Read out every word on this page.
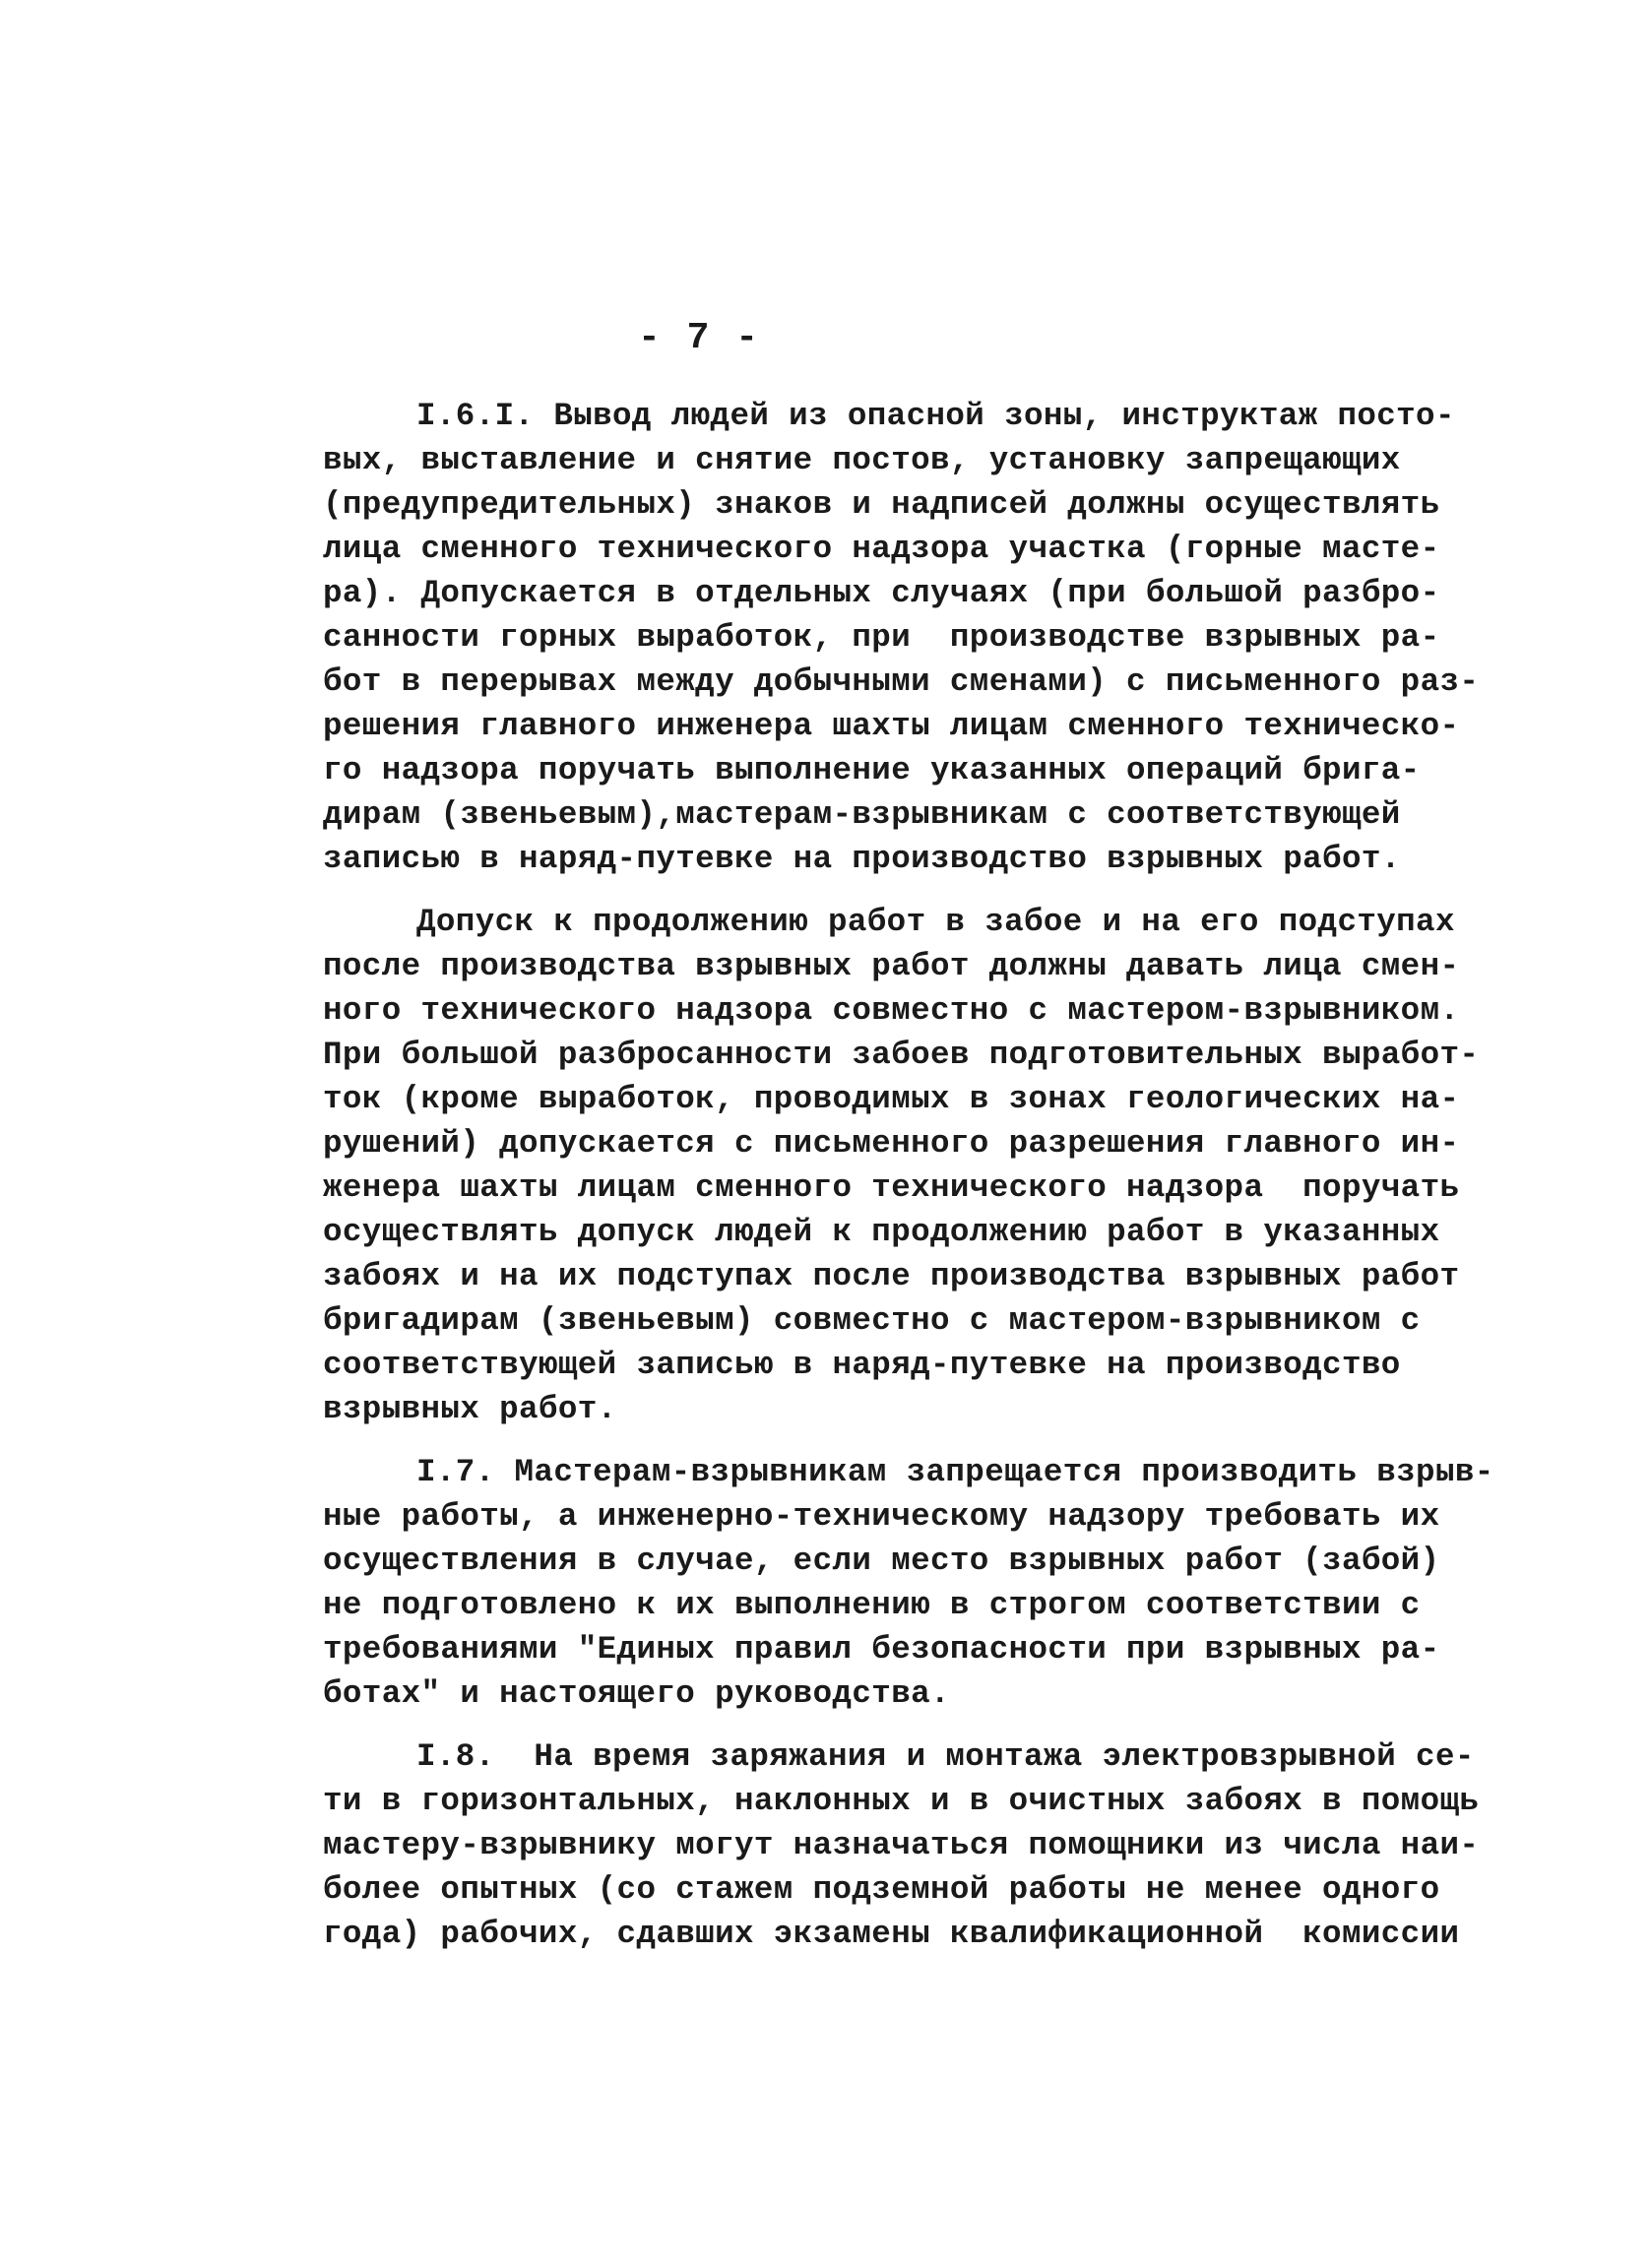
- 7 -

I.6.I. Вывод людей из опасной зоны, инструктаж посто-
вых, выставление и снятие постов, установку запрещающих
(предупредительных) знаков и надписей должны осуществлять
лица сменного технического надзора участка (горные масте-
ра). Допускается в отдельных случаях (при большой разбро-
санности горных выработок, при  производстве взрывных ра-
бот в перерывах между добычными сменами) с письменного раз-
решения главного инженера шахты лицам сменного техническо-
го надзора поручать выполнение указанных операций брига-
дирам (звеньевым),мастерам-взрывникам с соответствующей
записью в наряд-путевке на производство взрывных работ.

Допуск к продолжению работ в забое и на его подступах
после производства взрывных работ должны давать лица смен-
ного технического надзора совместно с мастером-взрывником.
При большой разбросанности забоев подготовительных выработ-
ток (кроме выработок, проводимых в зонах геологических на-
рушений) допускается с письменного разрешения главного ин-
женера шахты лицам сменного технического надзора  поручать
осуществлять допуск людей к продолжению работ в указанных
забоях и на их подступах после производства взрывных работ
бригадирам (звеньевым) совместно с мастером-взрывником с
соответствующей записью в наряд-путевке на производство
взрывных работ.

I.7. Мастерам-взрывникам запрещается производить взрыв-
ные работы, а инженерно-техническому надзору требовать их
осуществления в случае, если место взрывных работ (забой)
не подготовлено к их выполнению в строгом соответствии с
требованиями "Единых правил безопасности при взрывных ра-
ботах" и настоящего руководства.

I.8.  На время заряжания и монтажа электровзрывной се-
ти в горизонтальных, наклонных и в очистных забоях в помощь
мастеру-взрывнику могут назначаться помощники из числа наи-
более опытных (со стажем подземной работы не менее одного
года) рабочих, сдавших экзамены квалификационной  комиссии
